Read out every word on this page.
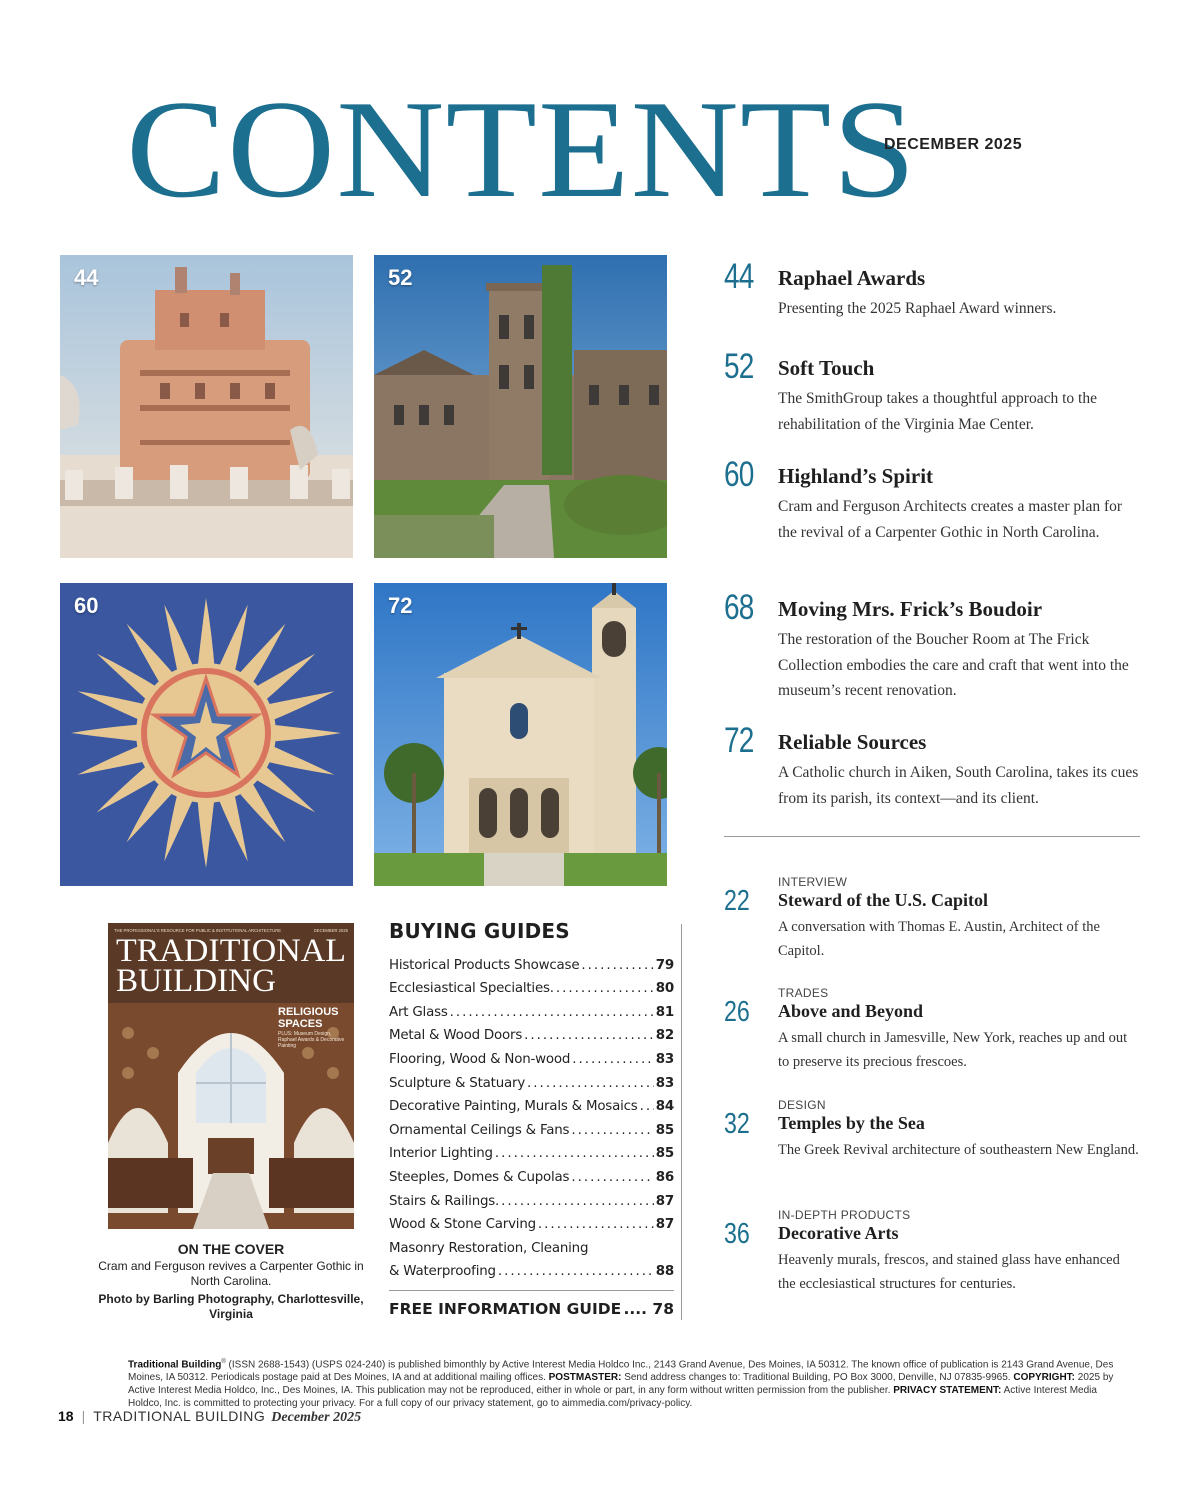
CONTENTS
DECEMBER 2025
44	52
60	72
44 Raphael Awards
Presenting the 2025 Raphael Award winners.
52 Soft Touch
The SmithGroup takes a thoughtful approach to the rehabilitation of the Virginia Mae Center.
60 Highland’s Spirit
Cram and Ferguson Architects creates a master plan for the revival of a Carpenter Gothic in North Carolina.
68 Moving Mrs. Frick’s Boudoir
The restoration of the Boucher Room at The Frick Collection embodies the care and craft that went into the museum’s recent renovation.
72 Reliable Sources
A Catholic church in Aiken, South Carolina, takes its cues from its parish, its context—and its client.
22
INTERVIEW
Steward of the U.S. Capitol
A conversation with Thomas E. Austin, Architect of the Capitol.
26
TRADES
Above and Beyond
A small church in Jamesville, New York, reaches up and out to preserve its precious frescoes.
32
DESIGN
Temples by the Sea
The Greek Revival architecture of southeastern New England.
36
IN-DEPTH PRODUCTS
Decorative Arts
Heavenly murals, frescos, and stained glass have enhanced the ecclesiastical structures for centuries.
THE PROFESSIONAL'S RESOURCE FOR PUBLIC & INSTITUTIONAL ARCHITECTURE	DECEMBER 2025
TRADITIONAL
BUILDING
RELIGIOUS
SPACES
PLUS: Museum Design, Raphael Awards & Decorative Painting
ON THE COVER
Cram and Ferguson revives a Carpenter Gothic in North Carolina.
Photo by Barling Photography, Charlottesville, Virginia
BUYING GUIDES
Historical Products Showcase .....	79
Ecclesiastical Specialties. .....	80
Art Glass .....	81
Metal & Wood Doors .....	82
Flooring, Wood & Non-wood .....	83
Sculpture & Statuary .....	83
Decorative Painting, Murals & Mosaics ..... 84
Ornamental Ceilings & Fans .....	85
Interior Lighting .....	85
Steeples, Domes & Cupolas .....	86
Stairs & Railings. .....	87
Wood & Stone Carving .....	87
Masonry Restoration, Cleaning
& Waterproofing .....	88
FREE INFORMATION GUIDE .... 78
Traditional Building® (ISSN 2688-1543) (USPS 024-240) is published bimonthly by Active Interest Media Holdco Inc., 2143 Grand Avenue, Des Moines, IA 50312. The known office of publication is 2143 Grand Avenue, Des Moines, IA 50312. Periodicals postage paid at Des Moines, IA and at additional mailing offices. POSTMASTER: Send address changes to: Traditional Building, PO Box 3000, Denville, NJ 07835-9965. COPYRIGHT: 2025 by Active Interest Media Holdco, Inc., Des Moines, IA. This publication may not be reproduced, either in whole or part, in any form without written permission from the publisher. PRIVACY STATEMENT: Active Interest Media Holdco, Inc. is committed to protecting your privacy. For a full copy of our privacy statement, go to aimmedia.com/privacy-policy.
18 | TRADITIONAL BUILDING December 2025
